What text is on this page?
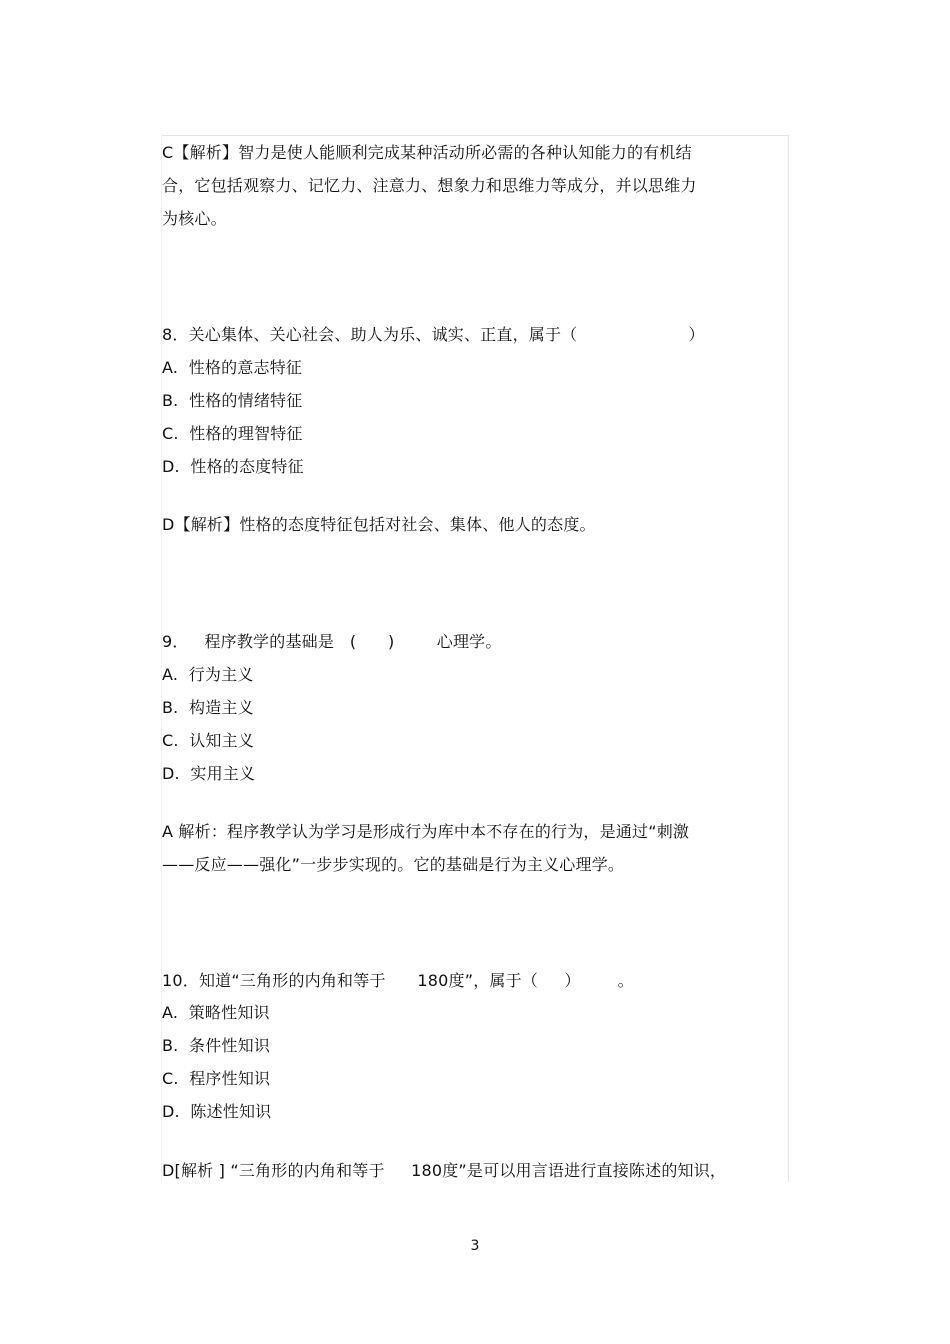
C【解析】智力是使人能顺利完成某种活动所必需的各种认知能力的有机结
合，它包括观察力、记忆力、注意力、想象力和思维力等成分，并以思维力
为核心。
8．关心集体、关心社会、助人为乐、诚实、正直，属于（                     ）
A.  性格的意志特征
B.  性格的情绪特征
C.  性格的理智特征
D.  性格的态度特征
D【解析】性格的态度特征包括对社会、集体、他人的态度。
9．   程序教学的基础是   (      )        心理学。
A.  行为主义
B.  构造主义
C.  认知主义
D.  实用主义
A 解析：程序教学认为学习是形成行为库中本不存在的行为，是通过“刺激
——反应——强化”一步步实现的。它的基础是行为主义心理学。
10．知道“三角形的内角和等于      180度”，属于（     ）       。
A.  策略性知识
B.  条件性知识
C.  程序性知识
D.  陈述性知识
D[解析 ] “三角形的内角和等于     180度”是可以用言语进行直接陈述的知识，
3
